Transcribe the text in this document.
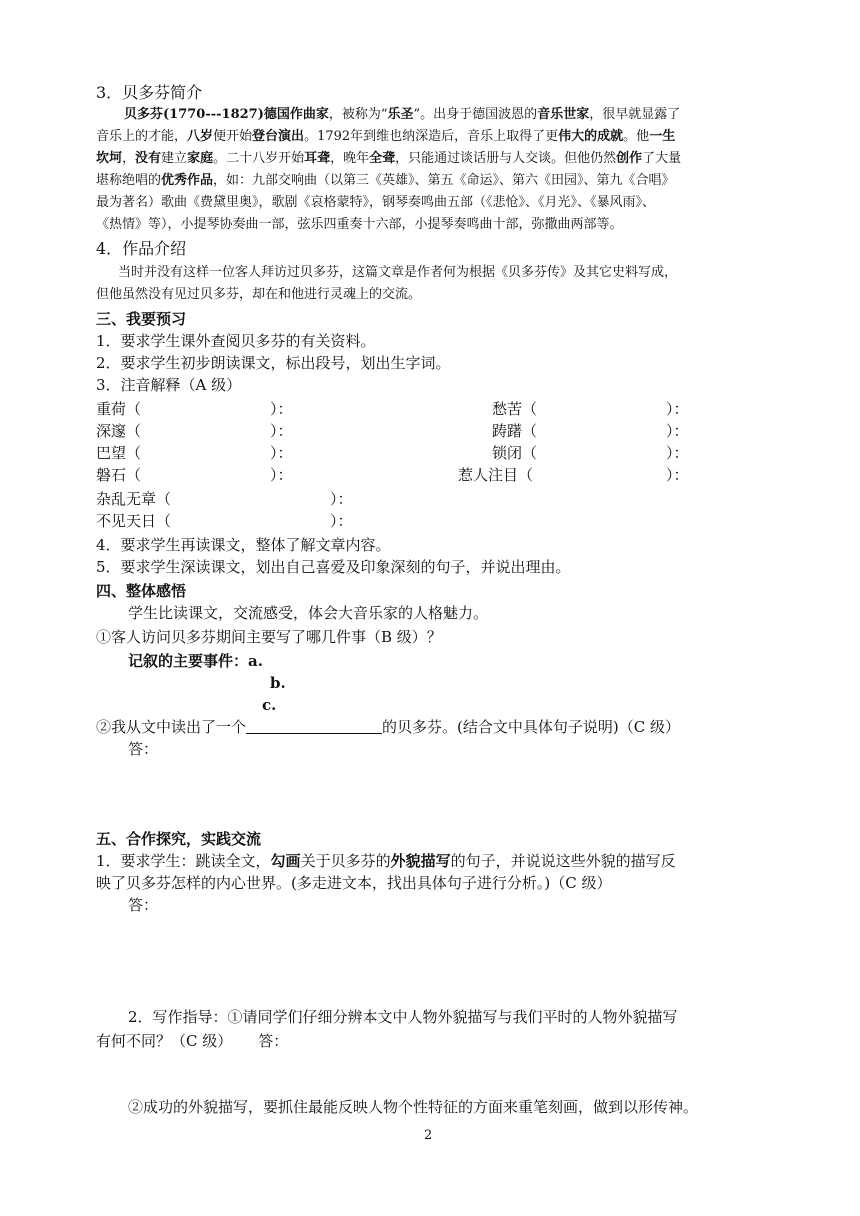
3．贝多芬简介
贝多芬(1770---1827)德国作曲家，被称为“乐圣”。出身于德国波恩的音乐世家，很早就显露了
音乐上的才能，八岁便开始登台演出。1792年到维也纳深造后，音乐上取得了更伟大的成就。他一生
坎坷，没有建立家庭。二十八岁开始耳聋，晚年全聋，只能通过谈话册与人交谈。但他仍然创作了大量
堪称绝唱的优秀作品，如：九部交响曲（以第三《英雄》、第五《命运》、第六《田园》、第九《合唱》
最为著名）歌曲《费黛里奥》，歌剧《哀格蒙特》，钢琴奏鸣曲五部（《悲怆》、《月光》、《暴风雨》、
《热情》等），小提琴协奏曲一部，弦乐四重奏十六部，小提琴奏鸣曲十部，弥撒曲两部等。
4．作品介绍
当时并没有这样一位客人拜访过贝多芬，这篇文章是作者何为根据《贝多芬传》及其它史料写成，
但他虽然没有见过贝多芬，却在和他进行灵魂上的交流。
三、我要预习
1．要求学生课外查阅贝多芬的有关资料。
2．要求学生初步朗读课文，标出段号，划出生字词。
3．注音解释（A 级）
重荷（	）：	愁苦（	）：
深邃（	）：	踌躇（	）：
巴望（	）：	锁闭（	）：
磐石（	）：	惹人注目（	）：
杂乱无章（	）：
不见天日（	）：
4．要求学生再读课文，整体了解文章内容。
5．要求学生深读课文，划出自己喜爱及印象深刻的句子，并说出理由。
四、整体感悟
学生比读课文，交流感受，体会大音乐家的人格魅力。
①客人访问贝多芬期间主要写了哪几件事（B 级）？
记叙的主要事件：a.
b.
c.
②我从文中读出了一个	的贝多芬。(结合文中具体句子说明)（C 级）
答：
五、合作探究，实践交流
1．要求学生：跳读全文，勾画关于贝多芬的外貌描写的句子，并说说这些外貌的描写反
映了贝多芬怎样的内心世界。(多走进文本，找出具体句子进行分析。)（C 级）
答：
2．写作指导：①请同学们仔细分辨本文中人物外貌描写与我们平时的人物外貌描写
有何不同？（C 级） 答：
②成功的外貌描写，要抓住最能反映人物个性特征的方面来重笔刻画，做到以形传神。
2
